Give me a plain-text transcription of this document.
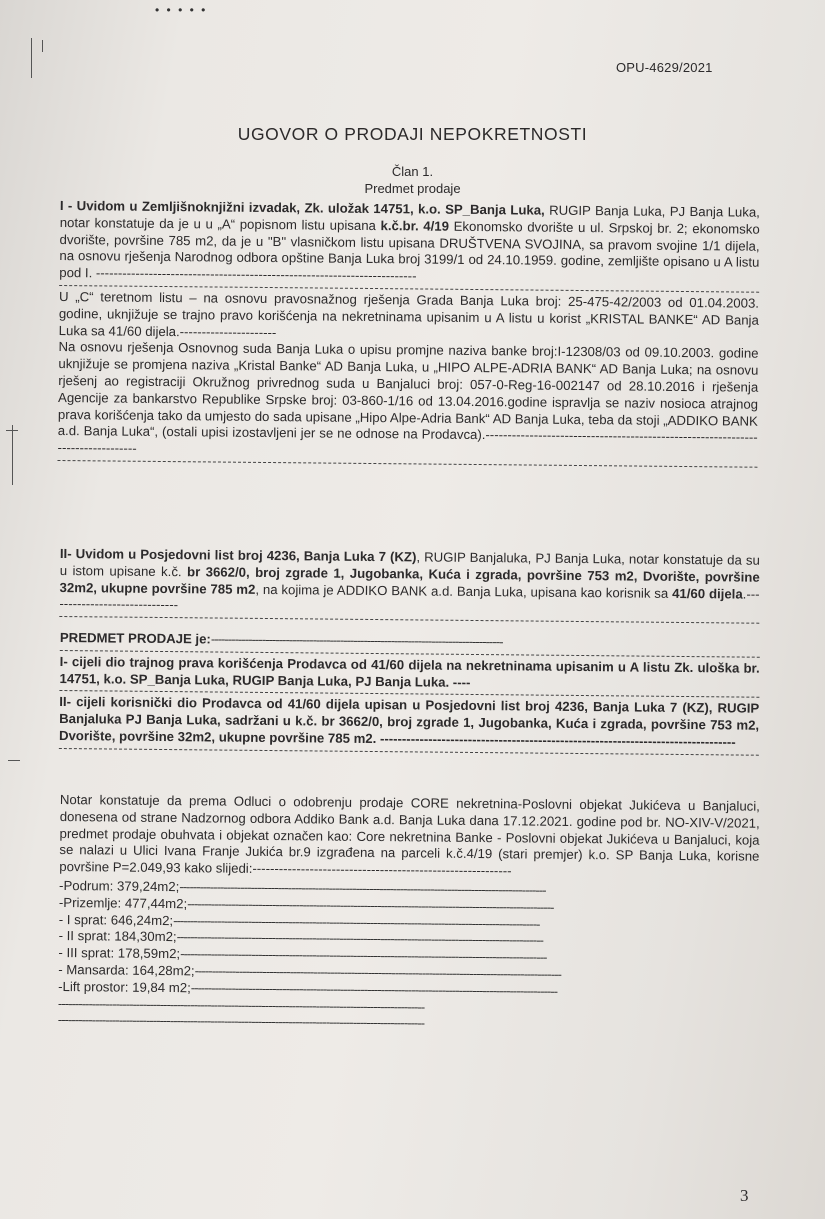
• • • • •
OPU-4629/2021
UGOVOR O PRODAJI NEPOKRETNOSTI
Član 1.
Predmet prodaje

I - Uvidom u Zemljišnoknjižni izvadak, Zk. uložak 14751, k.o. SP_Banja Luka, RUGIP Banja Luka, PJ Banja Luka, notar konstatuje da je u u „A“ popisnom listu upisana k.č.br. 4/19 Ekonomsko dvorište u ul. Srpskoj br. 2; ekonomsko dvorište, površine 785 m2, da je u "B" vlasničkom listu upisana DRUŠTVENA SVOJINA, sa pravom svojine 1/1 dijela, na osnovu rješenja Narodnog odbora opštine Banja Luka broj 3199/1 od 24.10.1959. godine, zemljište opisano u A listu pod I. -------------------------------------------------------------------------

U „C“ teretnom listu – na osnovu pravosnažnog rješenja Grada Banja Luka broj: 25-475-42/2003 od 01.04.2003. godine, uknjižuje se trajno pravo korišćenja na nekretninama upisanim u A listu u korist „KRISTAL BANKE“ AD Banja Luka sa 41/60 dijela.----------------------

Na osnovu rješenja Osnovnog suda Banja Luka o upisu promjne naziva banke broj:I-12308/03 od 09.10.2003. godine uknjižuje se promjena naziva „Kristal Banke“ AD Banja Luka, u „HIPO ALPE-ADRIA BANK“ AD Banja Luka; na osnovu rješenj ao registraciji Okružnog privrednog suda u Banjaluci broj: 057-0-Reg-16-002147 od 28.10.2016 i rješenja Agencije za bankarstvo Republike Srpske broj: 03-860-1/16 od 13.04.2016.godine ispravlja se naziv nosioca atrajnog prava korišćenja tako da umjesto do sada upisane „Hipo Alpe-Adria Bank“ AD Banja Luka, teba da stoji „ADDIKO BANK a.d. Banja Luka“, (ostali upisi izostavljeni jer se ne odnose na Prodavca).--------------------------------------------------------------------------------

II- Uvidom u Posjedovni list broj 4236, Banja Luka 7 (KZ), RUGIP Banjaluka, PJ Banja Luka, notar konstatuje da su u istom upisane k.č. br 3662/0, broj zgrade 1, Jugobanka, Kuća i zgrada, površine 753 m2, Dvorište, površine 32m2, ukupne površine 785 m2, na kojima je ADDIKO BANK a.d. Banja Luka, upisana kao korisnik sa 41/60 dijela.------------------------------

PREDMET PRODAJE je:--------------------------------------------------------------------------------------

I- cijeli dio trajnog prava korišćenja Prodavca od 41/60 dijela na nekretninama upisanim u A listu Zk. uloška br. 14751, k.o. SP_Banja Luka, RUGIP Banja Luka, PJ Banja Luka. ----

II- cijeli korisnički dio Prodavca od 41/60 dijela upisan u Posjedovni list broj 4236, Banja Luka 7 (KZ), RUGIP Banjaluka PJ Banja Luka, sadržani u k.č. br 3662/0, broj zgrade 1, Jugobanka, Kuća i zgrada, površine 753 m2, Dvorište, površine 32m2, ukupne površine 785 m2. ---------------------------------------------------------------------------------

Notar konstatuje da prema Odluci o odobrenju prodaje CORE nekretnina-Poslovni objekat Jukićeva u Banjaluci, donesena od strane Nadzornog odbora Addiko Bank a.d. Banja Luka dana 17.12.2021. godine pod br. NO-XIV-V/2021, predmet prodaje obuhvata i objekat označen kao: Core nekretnina Banke - Poslovni objekat Jukićeva u Banjaluci, koja se nalazi u Ulici Ivana Franje Jukića br.9 izgrađena na parceli k.č.4/19 (stari premjer) k.o. SP Banja Luka, korisne površine P=2.049,93 kako slijedi:-----------------------------------------------------------

-Podrum: 379,24m2;------------------------------------------------------------------------------------------------------------

-Prizemlje: 477,44m2;------------------------------------------------------------------------------------------------------------

- I sprat: 646,24m2;------------------------------------------------------------------------------------------------------------

- II sprat: 184,30m2;------------------------------------------------------------------------------------------------------------

- III sprat: 178,59m2;------------------------------------------------------------------------------------------------------------

- Mansarda: 164,28m2;------------------------------------------------------------------------------------------------------------

-Lift prostor: 19,84 m2;------------------------------------------------------------------------------------------------------------

------------------------------------------------------------------------------------------------------------

------------------------------------------------------------------------------------------------------------

3
